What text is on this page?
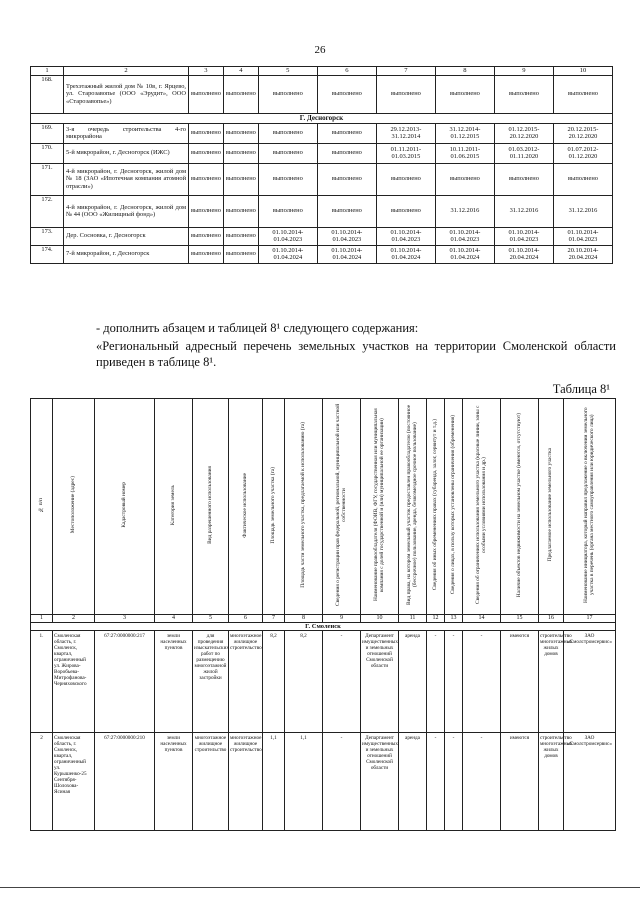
26
1	2	3	4	5	6	7	8	9	10
168.	Трехэтажный жилой дом № 10в, г. Ярцево, ул. Старозавопье (ООО «Эрудит», ООО «Старозавопье»)	выполнено	выполнено	выполнено	выполнено	выполнено	выполнено	выполнено	выполнено
Г. Десногорск									
169.	3-я очередь строительства 4-го микрорайона	выполнено	выполнено	выполнено	выполнено	29.12.2013-31.12.2014	31.12.2014-01.12.2015	01.12.2015-20.12.2020	20.12.2015-20.12.2020
170.	5-й микрорайон, г. Десногорск (ИЖС)	выполнено	выполнено	выполнено	выполнено	01.11.2011-01.03.2015	10.11.2011-01.06.2015	01.03.2012-01.11.2020	01.07.2012-01.12.2020
171.	4-й микрорайон, г. Десногорск, жилой дом № 18 (ЗАО «Ипотечная компания атомной отрасли»)	выполнено	выполнено	выполнено	выполнено	выполнено	выполнено	выполнено	выполнено
172.	4-й микрорайон, г. Десногорск, жилой дом № 44 (ООО «Жилищный фонд»)	выполнено	выполнено	выполнено	выполнено	выполнено	31.12.2016	31.12.2016	31.12.2016
173.	Дер. Сосновка, г. Десногорск	выполнено	выполнено	01.10.2014-01.04.2023	01.10.2014-01.04.2023	01.10.2014-01.04.2023	01.10.2014-01.04.2023	01.10.2014-01.04.2023	01.10.2014-01.04.2023
174.	7-й микрорайон, г. Десногорск	выполнено	выполнено	01.10.2014-01.04.2024	01.10.2014-01.04.2024	01.10.2014-01.04.2024	01.10.2014-01.04.2024	01.10.2014-20.04.2024	20.10.2014-20.04.2024
- дополнить абзацем и таблицей 8¹ следующего содержания:
«Региональный адресный перечень земельных участков на территории Смоленской области приведен в таблице 8¹.
Таблица 8¹
№ п/п	Местоположение (адрес)	Кадастровый номер	Категория земель	Вид разрешенного использования	Фактическое использование	Площадь земельного участка (га)	Площадь части земельного участка, предлагаемой к использованию (га)	Сведения о регистрации прав федеральной, региональной, муниципальной или частной собственности	Наименование правообладателя (ФОИВ, ФГУ, государственная или муниципальная компания с долей государственной и (или) муниципальной ее организации)	Вид права, на котором земельный участок предоставлен правообладателю (постоянное (бессрочное) пользование, аренда, безвозмездное срочное пользование)	Сведения об иных обременениях правах (субаренда, залог, сервитут и т.д.)	Сведения о лицах, в пользу которых установлены ограничения (обременения)	Сведения об ограничениях использования земельного участка (красные линии, зоны с особыми условиями использования и др.)	Наличие объектов недвижимости на земельном участке (имеются, отсутствуют)	Предлагаемое использование земельного участка	Наименование инициатора, который направил предложение о включении земельного участка в перечень (органа местного самоуправления или юридического лица)
1	2	3	4	5	6	7	8	9	10	11	12	13	14	15	16	17
Г. Смоленск																
1.	Смоленская область, г. Смоленск, квартал, ограниченный ул. Жирова-Воробьева-Митрофанова-Черняховского	67:27:0000000:217	земли населенных пунктов	для проведения изыскательских работ по размещению многоэтажной жилой застройки	многоэтажное жилищное строительство	8,2	8,2	-	Департамент имущественных и земельных отношений Смоленской области	аренда	-	-	-	имеются	строительство многоэтажных жилых домов	ЗАО «Смолстромсервис»
2	Смоленская область, г. Смоленск, квартал, ограниченный ул. Курышенко-25 Сентября-Шолохова-Ясиная	67:27:0000000:210	земли населенных пунктов	многоэтажное жилищное строительство	многоэтажное жилищное строительство	1,1	1,1	-	Департамент имущественных и земельных отношений Смоленской области	аренда	-	-	-	имеются	строительство многоэтажных жилых домов	ЗАО «Смолстромсервис»
